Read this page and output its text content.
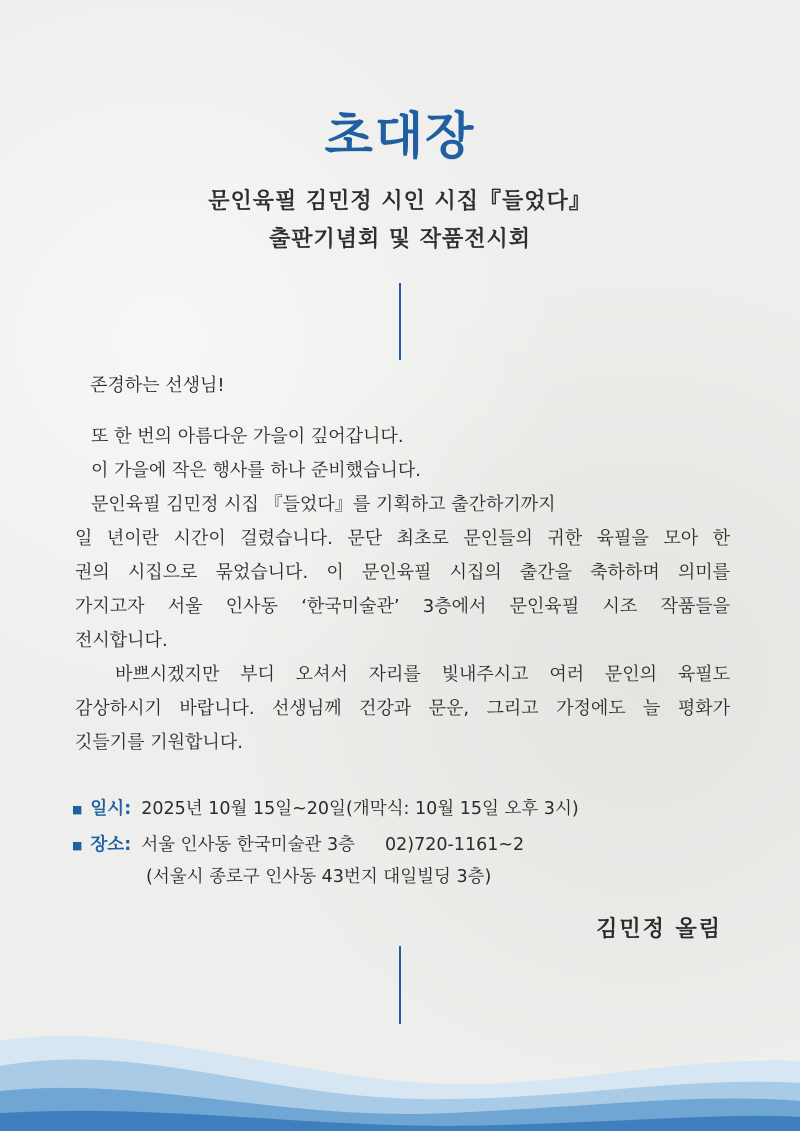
초대장
문인육필 김민정 시인 시집『들었다』
출판기념회 및 작품전시회
존경하는 선생님!

또 한 번의 아름다운 가을이 깊어갑니다.

이 가을에 작은 행사를 하나 준비했습니다.

문인육필 김민정 시집 『들었다』를 기획하고 출간하기까지

일 년이란 시간이 걸렸습니다. 문단 최초로 문인들의 귀한 육필을 모아 한

권의 시집으로 묶었습니다. 이 문인육필 시집의 출간을 축하하며 의미를

가지고자 서울 인사동 ‘한국미술관’ 3층에서 문인육필 시조 작품들을

전시합니다.

바쁘시겠지만 부디 오셔서 자리를 빛내주시고 여러 문인의 육필도

감상하시기 바랍니다. 선생님께 건강과 문운, 그리고 가정에도 늘 평화가

깃들기를 기원합니다.

■ 일시: 2025년 10월 15일~20일(개막식: 10월 15일 오후 3시)
■ 장소: 서울 인사동 한국미술관 3층 02)720-1161~2
(서울시 종로구 인사동 43번지 대일빌딩 3층)
김민정 올림
